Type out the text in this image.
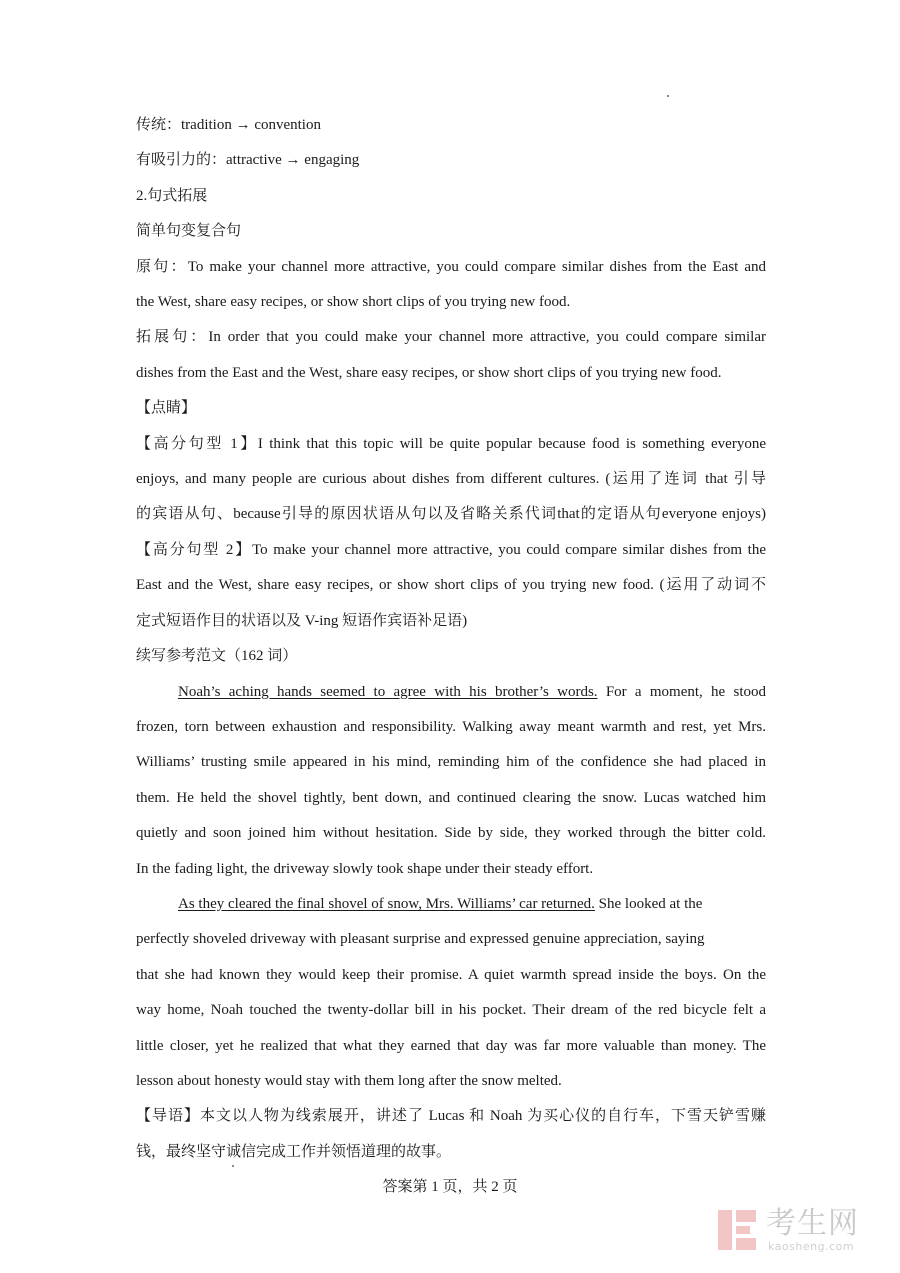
传统：tradition → convention
有吸引力的：attractive → engaging
2.句式拓展
简单句变复合句
原句：To make your channel more attractive, you could compare similar dishes from the East and
the West, share easy recipes, or show short clips of you trying new food.
拓展句：In order that you could make your channel more attractive, you could compare similar
dishes from the East and the West, share easy recipes, or show short clips of you trying new food.
【点睛】
【高分句型 1】I think that this topic will be quite popular because food is something everyone
enjoys, and many people are curious about dishes from different cultures. (运用了连词 that 引导
的宾语从句、because引导的原因状语从句以及省略关系代词that的定语从句everyone enjoys)
【高分句型 2】To make your channel more attractive, you could compare similar dishes from the
East and the West, share easy recipes, or show short clips of you trying new food. (运用了动词不
定式短语作目的状语以及 V-ing 短语作宾语补足语)
续写参考范文（162 词）
Noah’s aching hands seemed to agree with his brother’s words. For a moment, he stood
frozen, torn between exhaustion and responsibility. Walking away meant warmth and rest, yet Mrs.
Williams’ trusting smile appeared in his mind, reminding him of the confidence she had placed in
them. He held the shovel tightly, bent down, and continued clearing the snow. Lucas watched him
quietly and soon joined him without hesitation. Side by side, they worked through the bitter cold.
In the fading light, the driveway slowly took shape under their steady effort.
As they cleared the final shovel of snow, Mrs. Williams’ car returned. She looked at the
perfectly shoveled driveway with pleasant surprise and expressed genuine appreciation, saying
that she had known they would keep their promise. A quiet warmth spread inside the boys. On the
way home, Noah touched the twenty-dollar bill in his pocket. Their dream of the red bicycle felt a
little closer, yet he realized that what they earned that day was far more valuable than money. The
lesson about honesty would stay with them long after the snow melted.
【导语】本文以人物为线索展开，讲述了 Lucas 和 Noah 为买心仪的自行车，下雪天铲雪赚
钱，最终坚守诚信完成工作并领悟道理的故事。
答案第 1 页，共 2 页
考生网
kaosheng.com
